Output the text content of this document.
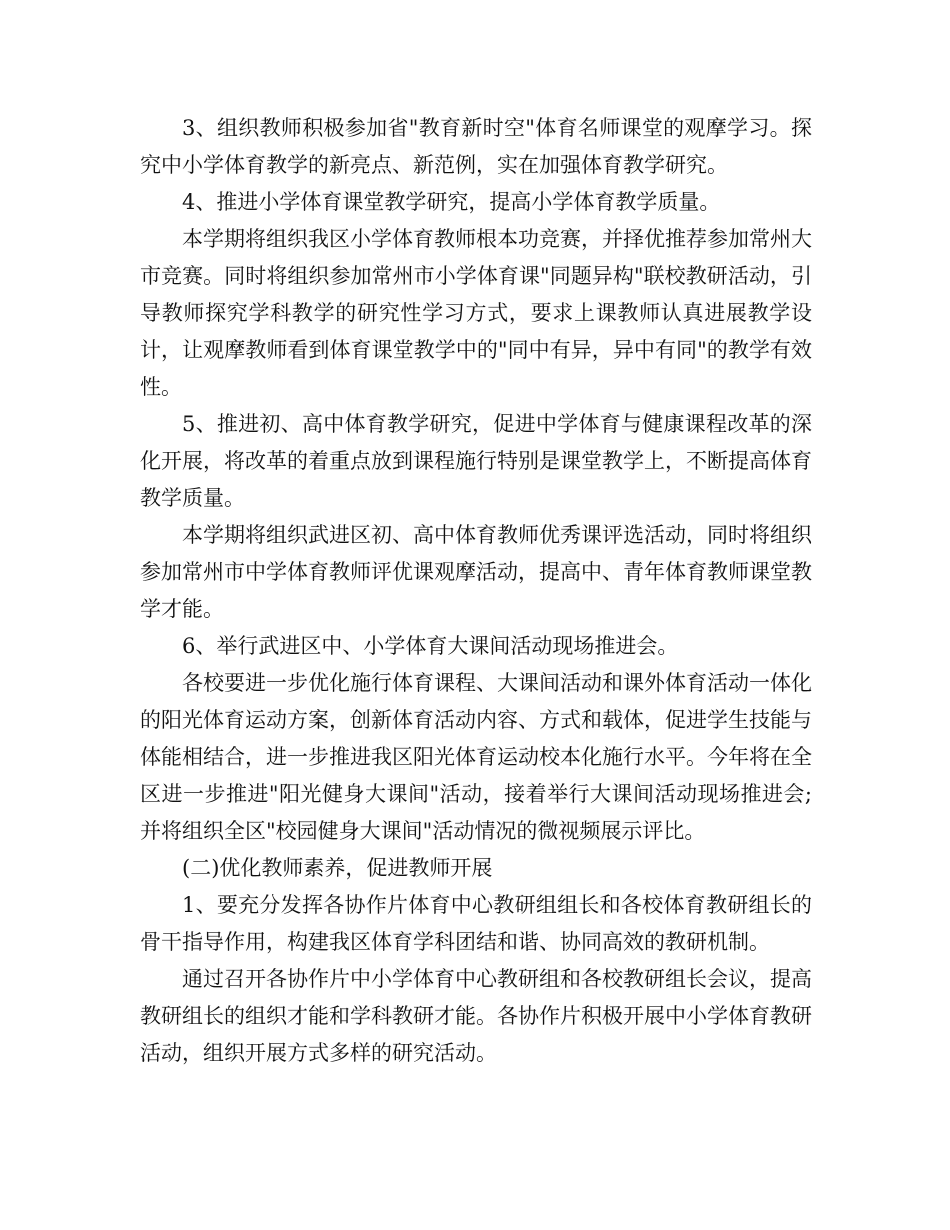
3、组织教师积极参加省"教育新时空"体育名师课堂的观摩学习。探究中小学体育教学的新亮点、新范例，实在加强体育教学研究。

4、推进小学体育课堂教学研究，提高小学体育教学质量。

本学期将组织我区小学体育教师根本功竞赛，并择优推荐参加常州大市竞赛。同时将组织参加常州市小学体育课"同题异构"联校教研活动，引导教师探究学科教学的研究性学习方式，要求上课教师认真进展教学设计，让观摩教师看到体育课堂教学中的"同中有异，异中有同"的教学有效性。

5、推进初、高中体育教学研究，促进中学体育与健康课程改革的深化开展，将改革的着重点放到课程施行特别是课堂教学上，不断提高体育教学质量。

本学期将组织武进区初、高中体育教师优秀课评选活动，同时将组织参加常州市中学体育教师评优课观摩活动，提高中、青年体育教师课堂教学才能。

6、举行武进区中、小学体育大课间活动现场推进会。

各校要进一步优化施行体育课程、大课间活动和课外体育活动一体化的阳光体育运动方案，创新体育活动内容、方式和载体，促进学生技能与体能相结合，进一步推进我区阳光体育运动校本化施行水平。今年将在全区进一步推进"阳光健身大课间"活动，接着举行大课间活动现场推进会;并将组织全区"校园健身大课间"活动情况的微视频展示评比。

(二)优化教师素养，促进教师开展

1、要充分发挥各协作片体育中心教研组组长和各校体育教研组长的骨干指导作用，构建我区体育学科团结和谐、协同高效的教研机制。

通过召开各协作片中小学体育中心教研组和各校教研组长会议，提高教研组长的组织才能和学科教研才能。各协作片积极开展中小学体育教研活动，组织开展方式多样的研究活动。
